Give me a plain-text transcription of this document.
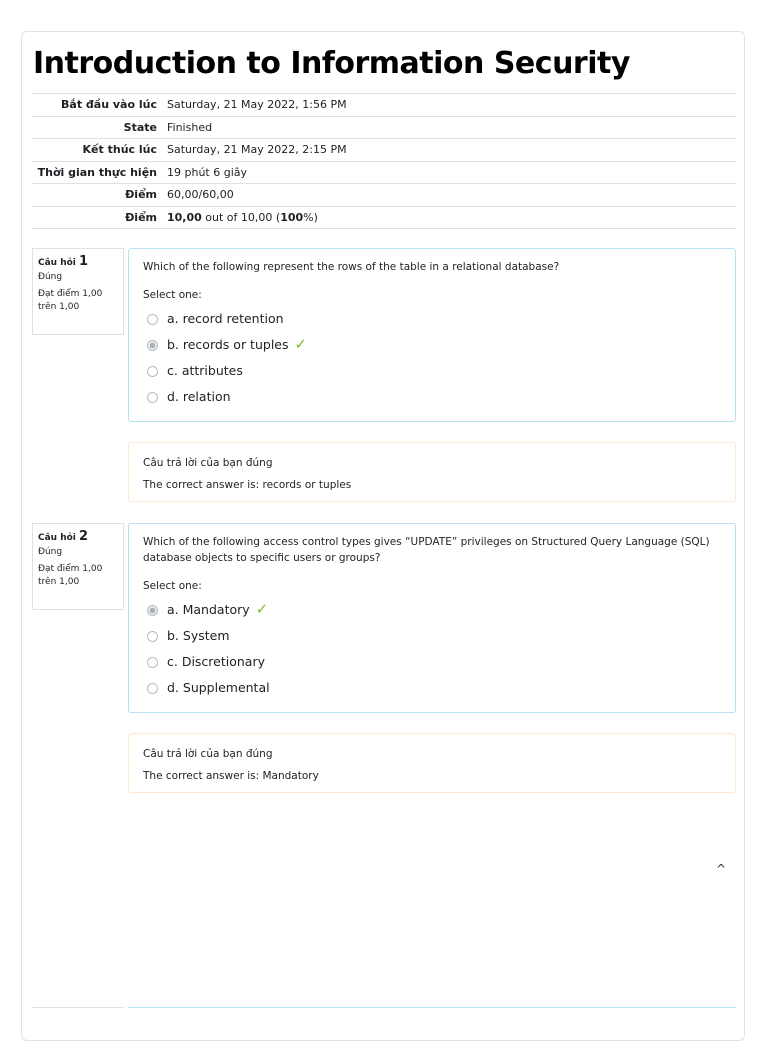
Introduction to Information Security
Bắt đầu vào lúc	Saturday, 21 May 2022, 1:56 PM
State	Finished
Kết thúc lúc	Saturday, 21 May 2022, 2:15 PM
Thời gian thực hiện	19 phút 6 giây
Điểm	60,00/60,00
Điểm	10,00 out of 10,00 (100%)
Câu hỏi 1
Đúng
Đạt điểm 1,00 trên 1,00

Which of the following represent the rows of the table in a relational database?

Select one:

a. record retention
b. records or tuples ✓
c. attributes
d. relation
Câu trả lời của bạn đúng
The correct answer is: records or tuples
Câu hỏi 2
Đúng
Đạt điểm 1,00 trên 1,00

Which of the following access control types gives “UPDATE” privileges on Structured Query Language (SQL) database objects to specific users or groups?

Select one:

a. Mandatory ✓
b. System
c. Discretionary
d. Supplemental
Câu trả lời của bạn đúng
The correct answer is: Mandatory
^
